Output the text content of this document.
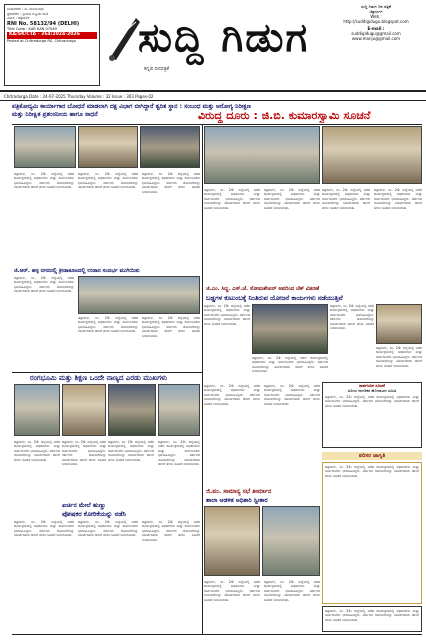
ಸಂಪಾದಕರು : ಬಿ. ಮಂಜುನಾಥ
ಪ್ರಕಾಶಕರು : ಶ್ರೀಮತಿ ಕೆ.ಪ್ರಿಯ ರಾಣಿ
ವಿಳಾಸ : ಚಿತ್ರದುರ್ಗ
RNI No. 58132/94 (DELHI)
Title Code : KAR KAN 07049
KA/SK/CTA - 264/2024-2026
Posted at Chitradurga RS, Chitradurga	ಸುದ್ದಿ ಗಿಡುಗ
ಕನ್ನಡ ದಿನಪತ್ರಿಕೆ
ಸುದ್ದಿ ಗಿಡುಗ ದಿನ ಪತ್ರಿಕೆ
ಚಿತ್ರದುರ್ಗ
Web :
http://suddigidugu.blogspot.com
E-mail :
suddigidugu@gmail.com
www.manju@gmail.com
Chitradurga Date : 24-07-2025 Thursday Volume : 32 Issue : 303 Pages-02
ಪತ್ರಿಕೋದ್ಯಮಿ ಕಾರ್ಯಾಗಾರ ಬೋಧನೆ ಮಾಡಲಾಗಿ ದಕ್ಷ ವಿಭಾಗ ಬೀಗಿದ್ದಾರೆ ತ್ವರಿತ ಸ್ಥಾನ : ಸಂಬಂಧ ಮತ್ತು ಆರೋಗ್ಯ ನಿರೀಕ್ಷಣ
ಮತ್ತು ನಿರೀಕ್ಷಿತ ಪ್ರಶಂಸನೀಯ ಹಾಗೂ ಸಾಧನೆ	ವಿರುದ್ಧ ದೂರು : ಜಿ.ಬಿ. ಕುಮಾರಸ್ವಾಮಿ ಸೂಚನೆ
ಚಿತ್ರದುರ್ಗ, ಜು. 24: ಜಿಲ್ಲೆಯಲ್ಲಿ ನಡೆದ ಕಾರ್ಯಕ್ರಮದಲ್ಲಿ ಅಧಿಕಾರಿಗಳು ಮತ್ತು ಸಾರ್ವಜನಿಕರು ಭಾಗವಹಿಸಿದ್ದರು. ಸರ್ಕಾರದ ಯೋಜನೆಗಳನ್ನು ಸಮರ್ಪಕವಾಗಿ ಜಾರಿಗೆ ತರಲು ಸೂಚನೆ ನೀಡಲಾಯಿತು.
ಚಿತ್ರದುರ್ಗ, ಜು. 24: ಜಿಲ್ಲೆಯಲ್ಲಿ ನಡೆದ ಕಾರ್ಯಕ್ರಮದಲ್ಲಿ ಅಧಿಕಾರಿಗಳು ಮತ್ತು ಸಾರ್ವಜನಿಕರು ಭಾಗವಹಿಸಿದ್ದರು. ಸರ್ಕಾರದ ಯೋಜನೆಗಳನ್ನು ಸಮರ್ಪಕವಾಗಿ ಜಾರಿಗೆ ತರಲು ಸೂಚನೆ ನೀಡಲಾಯಿತು.
ಚಿತ್ರದುರ್ಗ, ಜು. 24: ಜಿಲ್ಲೆಯಲ್ಲಿ ನಡೆದ ಕಾರ್ಯಕ್ರಮದಲ್ಲಿ ಅಧಿಕಾರಿಗಳು ಮತ್ತು ಸಾರ್ವಜನಿಕರು ಭಾಗವಹಿಸಿದ್ದರು. ಸರ್ಕಾರದ ಯೋಜನೆಗಳನ್ನು ಸಮರ್ಪಕವಾಗಿ ಜಾರಿಗೆ ತರಲು ಸೂಚನೆ ನೀಡಲಾಯಿತು.	ಚಿತ್ರದುರ್ಗ, ಜು. 24: ಜಿಲ್ಲೆಯಲ್ಲಿ ನಡೆದ ಕಾರ್ಯಕ್ರಮದಲ್ಲಿ ಅಧಿಕಾರಿಗಳು ಮತ್ತು ಸಾರ್ವಜನಿಕರು ಭಾಗವಹಿಸಿದ್ದರು. ಸರ್ಕಾರದ ಯೋಜನೆಗಳನ್ನು ಸಮರ್ಪಕವಾಗಿ ಜಾರಿಗೆ ತರಲು ಸೂಚನೆ ನೀಡಲಾಯಿತು.
ಚಿತ್ರದುರ್ಗ, ಜು. 24: ಜಿಲ್ಲೆಯಲ್ಲಿ ನಡೆದ ಕಾರ್ಯಕ್ರಮದಲ್ಲಿ ಅಧಿಕಾರಿಗಳು ಮತ್ತು ಸಾರ್ವಜನಿಕರು ಭಾಗವಹಿಸಿದ್ದರು. ಸರ್ಕಾರದ ಯೋಜನೆಗಳನ್ನು ಸಮರ್ಪಕವಾಗಿ ಜಾರಿಗೆ ತರಲು ಸೂಚನೆ ನೀಡಲಾಯಿತು.
ಚಿತ್ರದುರ್ಗ, ಜು. 24: ಜಿಲ್ಲೆಯಲ್ಲಿ ನಡೆದ ಕಾರ್ಯಕ್ರಮದಲ್ಲಿ ಅಧಿಕಾರಿಗಳು ಮತ್ತು ಸಾರ್ವಜನಿಕರು ಭಾಗವಹಿಸಿದ್ದರು. ಸರ್ಕಾರದ ಯೋಜನೆಗಳನ್ನು ಸಮರ್ಪಕವಾಗಿ ಜಾರಿಗೆ ತರಲು ಸೂಚನೆ ನೀಡಲಾಯಿತು.
ಚಿತ್ರದುರ್ಗ, ಜು. 24: ಜಿಲ್ಲೆಯಲ್ಲಿ ನಡೆದ ಕಾರ್ಯಕ್ರಮದಲ್ಲಿ ಅಧಿಕಾರಿಗಳು ಮತ್ತು ಸಾರ್ವಜನಿಕರು ಭಾಗವಹಿಸಿದ್ದರು. ಸರ್ಕಾರದ ಯೋಜನೆಗಳನ್ನು ಸಮರ್ಪಕವಾಗಿ ಜಾರಿಗೆ ತರಲು ಸೂಚನೆ ನೀಡಲಾಯಿತು.
ಜಿ.ಆರ್. ಹಳ್ಳ ನಗರದಲ್ಲಿ ಕ್ರೀಡಾಕೂಟದಲ್ಲಿ ಉಡಾನ ಸಂದರ್ಭ ಮುಗಿಯಿತು
ಚಿತ್ರದುರ್ಗ, ಜು. 24: ಜಿಲ್ಲೆಯಲ್ಲಿ ನಡೆದ ಕಾರ್ಯಕ್ರಮದಲ್ಲಿ ಅಧಿಕಾರಿಗಳು ಮತ್ತು ಸಾರ್ವಜನಿಕರು ಭಾಗವಹಿಸಿದ್ದರು. ಸರ್ಕಾರದ ಯೋಜನೆಗಳನ್ನು ಸಮರ್ಪಕವಾಗಿ ಜಾರಿಗೆ ತರಲು ಸೂಚನೆ ನೀಡಲಾಯಿತು.
ಚಿತ್ರದುರ್ಗ, ಜು. 24: ಜಿಲ್ಲೆಯಲ್ಲಿ ನಡೆದ ಕಾರ್ಯಕ್ರಮದಲ್ಲಿ ಅಧಿಕಾರಿಗಳು ಮತ್ತು ಸಾರ್ವಜನಿಕರು ಭಾಗವಹಿಸಿದ್ದರು. ಸರ್ಕಾರದ ಯೋಜನೆಗಳನ್ನು ಸಮರ್ಪಕವಾಗಿ ಜಾರಿಗೆ ತರಲು ಸೂಚನೆ ನೀಡಲಾಯಿತು.
ಚಿತ್ರದುರ್ಗ, ಜು. 24: ಜಿಲ್ಲೆಯಲ್ಲಿ ನಡೆದ ಕಾರ್ಯಕ್ರಮದಲ್ಲಿ ಅಧಿಕಾರಿಗಳು ಮತ್ತು ಸಾರ್ವಜನಿಕರು ಭಾಗವಹಿಸಿದ್ದರು. ಸರ್ಕಾರದ ಯೋಜನೆಗಳನ್ನು ಸಮರ್ಪಕವಾಗಿ ಜಾರಿಗೆ ತರಲು ಸೂಚನೆ ನೀಡಲಾಯಿತು.
ಜಿ.ಎಂ. ಸಿದ್ಧ. ಎಸ್.ಜೆ. ಸೋಮಶೇಖರ್ ಅವರಿಂದ ಚೆಕ್ ವಿತರಣೆ
ಬಡ್ಡಗಳ ಕುಟುಂಬಕ್ಕೆ ನಿಂತಿರುವ ಯೋಜನೆ ಕಾರ್ಯಗಳು ನಡೆಯುತ್ತಿವೆ
ಚಿತ್ರದುರ್ಗ, ಜು. 24: ಜಿಲ್ಲೆಯಲ್ಲಿ ನಡೆದ ಕಾರ್ಯಕ್ರಮದಲ್ಲಿ ಅಧಿಕಾರಿಗಳು ಮತ್ತು ಸಾರ್ವಜನಿಕರು ಭಾಗವಹಿಸಿದ್ದರು. ಸರ್ಕಾರದ ಯೋಜನೆಗಳನ್ನು ಸಮರ್ಪಕವಾಗಿ ಜಾರಿಗೆ ತರಲು ಸೂಚನೆ ನೀಡಲಾಯಿತು.
ಚಿತ್ರದುರ್ಗ, ಜು. 24: ಜಿಲ್ಲೆಯಲ್ಲಿ ನಡೆದ ಕಾರ್ಯಕ್ರಮದಲ್ಲಿ ಅಧಿಕಾರಿಗಳು ಮತ್ತು ಸಾರ್ವಜನಿಕರು ಭಾಗವಹಿಸಿದ್ದರು. ಸರ್ಕಾರದ ಯೋಜನೆಗಳನ್ನು ಸಮರ್ಪಕವಾಗಿ ಜಾರಿಗೆ ತರಲು ಸೂಚನೆ ನೀಡಲಾಯಿತು.
ಚಿತ್ರದುರ್ಗ, ಜು. 24: ಜಿಲ್ಲೆಯಲ್ಲಿ ನಡೆದ ಕಾರ್ಯಕ್ರಮದಲ್ಲಿ ಅಧಿಕಾರಿಗಳು ಮತ್ತು ಸಾರ್ವಜನಿಕರು ಭಾಗವಹಿಸಿದ್ದರು. ಸರ್ಕಾರದ ಯೋಜನೆಗಳನ್ನು ಸಮರ್ಪಕವಾಗಿ ಜಾರಿಗೆ ತರಲು ಸೂಚನೆ ನೀಡಲಾಯಿತು.
ಚಿತ್ರದುರ್ಗ, ಜು. 24: ಜಿಲ್ಲೆಯಲ್ಲಿ ನಡೆದ ಕಾರ್ಯಕ್ರಮದಲ್ಲಿ ಅಧಿಕಾರಿಗಳು ಮತ್ತು ಸಾರ್ವಜನಿಕರು ಭಾಗವಹಿಸಿದ್ದರು. ಸರ್ಕಾರದ ಯೋಜನೆಗಳನ್ನು ಸಮರ್ಪಕವಾಗಿ ಜಾರಿಗೆ ತರಲು ಸೂಚನೆ ನೀಡಲಾಯಿತು.
ರಂಗಭೂಮಿ ಮತ್ತು ಶಿಕ್ಷಣ ಒಂದೇ ನಾಣ್ಯದ ಎರಡು ಮುಖಗಳು
ಚಿತ್ರದುರ್ಗ, ಜು. 24: ಜಿಲ್ಲೆಯಲ್ಲಿ ನಡೆದ ಕಾರ್ಯಕ್ರಮದಲ್ಲಿ ಅಧಿಕಾರಿಗಳು ಮತ್ತು ಸಾರ್ವಜನಿಕರು ಭಾಗವಹಿಸಿದ್ದರು. ಸರ್ಕಾರದ ಯೋಜನೆಗಳನ್ನು ಸಮರ್ಪಕವಾಗಿ ಜಾರಿಗೆ ತರಲು ಸೂಚನೆ ನೀಡಲಾಯಿತು.
ಚಿತ್ರದುರ್ಗ, ಜು. 24: ಜಿಲ್ಲೆಯಲ್ಲಿ ನಡೆದ ಕಾರ್ಯಕ್ರಮದಲ್ಲಿ ಅಧಿಕಾರಿಗಳು ಮತ್ತು ಸಾರ್ವಜನಿಕರು ಭಾಗವಹಿಸಿದ್ದರು. ಸರ್ಕಾರದ ಯೋಜನೆಗಳನ್ನು ಸಮರ್ಪಕವಾಗಿ ಜಾರಿಗೆ ತರಲು ಸೂಚನೆ ನೀಡಲಾಯಿತು.
ಸಾರ್ವಜನಿಕ ಸೂಚನೆ
ಹಿರಿಯ ನಾಗರಿಕರ ಹೋರಾಟದ ಸಮಿತಿ
ಚಿತ್ರದುರ್ಗ, ಜು. 24: ಜಿಲ್ಲೆಯಲ್ಲಿ ನಡೆದ ಕಾರ್ಯಕ್ರಮದಲ್ಲಿ ಅಧಿಕಾರಿಗಳು ಮತ್ತು ಸಾರ್ವಜನಿಕರು ಭಾಗವಹಿಸಿದ್ದರು. ಸರ್ಕಾರದ ಯೋಜನೆಗಳನ್ನು ಸಮರ್ಪಕವಾಗಿ ಜಾರಿಗೆ ತರಲು ಸೂಚನೆ ನೀಡಲಾಯಿತು.
ಚಿತ್ರದುರ್ಗ, ಜು. 24: ಜಿಲ್ಲೆಯಲ್ಲಿ ನಡೆದ ಕಾರ್ಯಕ್ರಮದಲ್ಲಿ ಅಧಿಕಾರಿಗಳು ಮತ್ತು ಸಾರ್ವಜನಿಕರು ಭಾಗವಹಿಸಿದ್ದರು. ಸರ್ಕಾರದ ಯೋಜನೆಗಳನ್ನು ಸಮರ್ಪಕವಾಗಿ ಜಾರಿಗೆ ತರಲು ಸೂಚನೆ ನೀಡಲಾಯಿತು.
ಚಿತ್ರದುರ್ಗ, ಜು. 24: ಜಿಲ್ಲೆಯಲ್ಲಿ ನಡೆದ ಕಾರ್ಯಕ್ರಮದಲ್ಲಿ ಅಧಿಕಾರಿಗಳು ಮತ್ತು ಸಾರ್ವಜನಿಕರು ಭಾಗವಹಿಸಿದ್ದರು. ಸರ್ಕಾರದ ಯೋಜನೆಗಳನ್ನು ಸಮರ್ಪಕವಾಗಿ ಜಾರಿಗೆ ತರಲು ಸೂಚನೆ ನೀಡಲಾಯಿತು.
ಚಿತ್ರದುರ್ಗ, ಜು. 24: ಜಿಲ್ಲೆಯಲ್ಲಿ ನಡೆದ ಕಾರ್ಯಕ್ರಮದಲ್ಲಿ ಅಧಿಕಾರಿಗಳು ಮತ್ತು ಸಾರ್ವಜನಿಕರು ಭಾಗವಹಿಸಿದ್ದರು. ಸರ್ಕಾರದ ಯೋಜನೆಗಳನ್ನು ಸಮರ್ಪಕವಾಗಿ ಜಾರಿಗೆ ತರಲು ಸೂಚನೆ ನೀಡಲಾಯಿತು.
ಚಿತ್ರದುರ್ಗ, ಜು. 24: ಜಿಲ್ಲೆಯಲ್ಲಿ ನಡೆದ ಕಾರ್ಯಕ್ರಮದಲ್ಲಿ ಅಧಿಕಾರಿಗಳು ಮತ್ತು ಸಾರ್ವಜನಿಕರು ಭಾಗವಹಿಸಿದ್ದರು. ಸರ್ಕಾರದ ಯೋಜನೆಗಳನ್ನು ಸಮರ್ಪಕವಾಗಿ ಜಾರಿಗೆ ತರಲು ಸೂಚನೆ ನೀಡಲಾಯಿತು.
ಖರ್ಚಿನ ಮೇಲೆ ಹುಣ್ಣು
ಪೋಷಕರ ಕೋರಿಕೆಯನ್ನು ನಡೆಸಿ
ಚಿತ್ರದುರ್ಗ, ಜು. 24: ಜಿಲ್ಲೆಯಲ್ಲಿ ನಡೆದ ಕಾರ್ಯಕ್ರಮದಲ್ಲಿ ಅಧಿಕಾರಿಗಳು ಮತ್ತು ಸಾರ್ವಜನಿಕರು ಭಾಗವಹಿಸಿದ್ದರು. ಸರ್ಕಾರದ ಯೋಜನೆಗಳನ್ನು ಸಮರ್ಪಕವಾಗಿ ಜಾರಿಗೆ ತರಲು ಸೂಚನೆ ನೀಡಲಾಯಿತು.
ಚಿತ್ರದುರ್ಗ, ಜು. 24: ಜಿಲ್ಲೆಯಲ್ಲಿ ನಡೆದ ಕಾರ್ಯಕ್ರಮದಲ್ಲಿ ಅಧಿಕಾರಿಗಳು ಮತ್ತು ಸಾರ್ವಜನಿಕರು ಭಾಗವಹಿಸಿದ್ದರು. ಸರ್ಕಾರದ ಯೋಜನೆಗಳನ್ನು ಸಮರ್ಪಕವಾಗಿ ಜಾರಿಗೆ ತರಲು ಸೂಚನೆ ನೀಡಲಾಯಿತು.
ಚಿತ್ರದುರ್ಗ, ಜು. 24: ಜಿಲ್ಲೆಯಲ್ಲಿ ನಡೆದ ಕಾರ್ಯಕ್ರಮದಲ್ಲಿ ಅಧಿಕಾರಿಗಳು ಮತ್ತು ಸಾರ್ವಜನಿಕರು ಭಾಗವಹಿಸಿದ್ದರು. ಸರ್ಕಾರದ ಯೋಜನೆಗಳನ್ನು ಸಮರ್ಪಕವಾಗಿ ಜಾರಿಗೆ ತರಲು ಸೂಚನೆ ನೀಡಲಾಯಿತು.
ಜಿ.ಪಂ. ಸಾಮಾನ್ಯ ಸಭೆ ತೀರ್ಮಾನ
ಶಾಲಾ ಆಡಳಿತ ಅಧಿಕಾರಿ ಸ್ವೀಕಾರ
ಚಿತ್ರದುರ್ಗ, ಜು. 24: ಜಿಲ್ಲೆಯಲ್ಲಿ ನಡೆದ ಕಾರ್ಯಕ್ರಮದಲ್ಲಿ ಅಧಿಕಾರಿಗಳು ಮತ್ತು ಸಾರ್ವಜನಿಕರು ಭಾಗವಹಿಸಿದ್ದರು. ಸರ್ಕಾರದ ಯೋಜನೆಗಳನ್ನು ಸಮರ್ಪಕವಾಗಿ ಜಾರಿಗೆ ತರಲು ಸೂಚನೆ ನೀಡಲಾಯಿತು.
ಚಿತ್ರದುರ್ಗ, ಜು. 24: ಜಿಲ್ಲೆಯಲ್ಲಿ ನಡೆದ ಕಾರ್ಯಕ್ರಮದಲ್ಲಿ ಅಧಿಕಾರಿಗಳು ಮತ್ತು ಸಾರ್ವಜನಿಕರು ಭಾಗವಹಿಸಿದ್ದರು. ಸರ್ಕಾರದ ಯೋಜನೆಗಳನ್ನು ಸಮರ್ಪಕವಾಗಿ ಜಾರಿಗೆ ತರಲು ಸೂಚನೆ ನೀಡಲಾಯಿತು.
ಪರಿಸರ ಜಾಗೃತಿ
ಚಿತ್ರದುರ್ಗ, ಜು. 24: ಜಿಲ್ಲೆಯಲ್ಲಿ ನಡೆದ ಕಾರ್ಯಕ್ರಮದಲ್ಲಿ ಅಧಿಕಾರಿಗಳು ಮತ್ತು ಸಾರ್ವಜನಿಕರು ಭಾಗವಹಿಸಿದ್ದರು. ಸರ್ಕಾರದ ಯೋಜನೆಗಳನ್ನು ಸಮರ್ಪಕವಾಗಿ ಜಾರಿಗೆ ತರಲು ಸೂಚನೆ ನೀಡಲಾಯಿತು.
ಚಿತ್ರದುರ್ಗ, ಜು. 24: ಜಿಲ್ಲೆಯಲ್ಲಿ ನಡೆದ ಕಾರ್ಯಕ್ರಮದಲ್ಲಿ ಅಧಿಕಾರಿಗಳು ಮತ್ತು ಸಾರ್ವಜನಿಕರು ಭಾಗವಹಿಸಿದ್ದರು. ಸರ್ಕಾರದ ಯೋಜನೆಗಳನ್ನು ಸಮರ್ಪಕವಾಗಿ ಜಾರಿಗೆ ತರಲು ಸೂಚನೆ ನೀಡಲಾಯಿತು.
